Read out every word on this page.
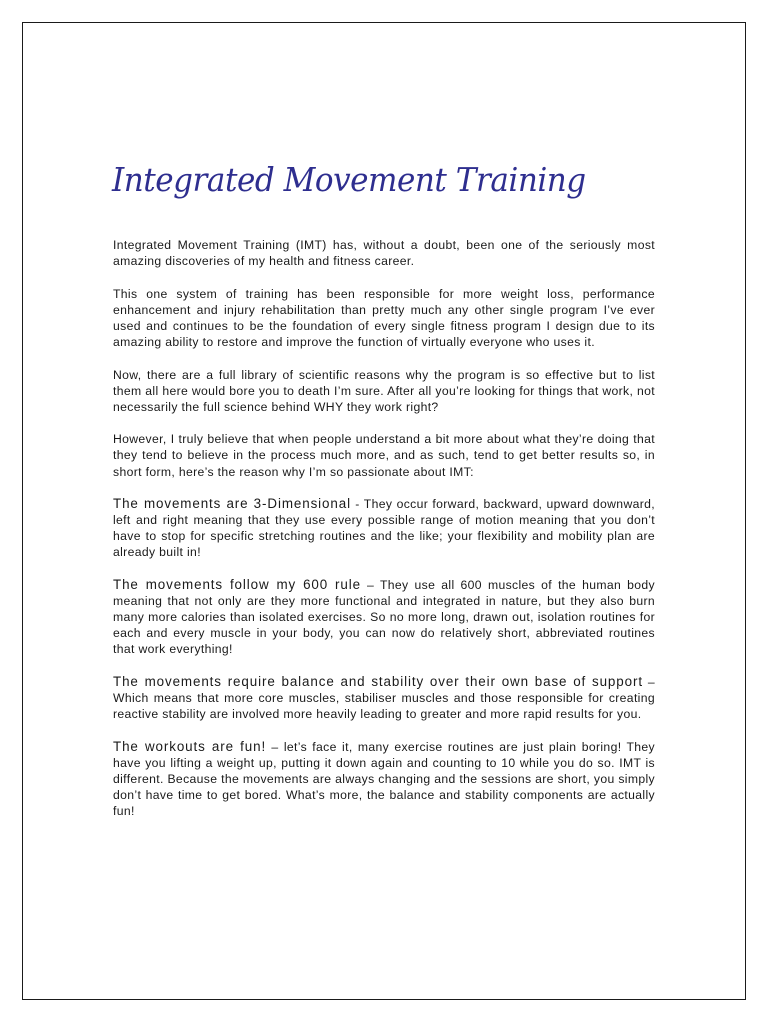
Integrated Movement Training

Integrated Movement Training (IMT) has, without a doubt, been one of the seriously most amazing discoveries of my health and fitness career.

This one system of training has been responsible for more weight loss, performance enhancement and injury rehabilitation than pretty much any other single program I’ve ever used and continues to be the foundation of every single fitness program I design due to its amazing ability to restore and improve the function of virtually everyone who uses it.

Now, there are a full library of scientific reasons why the program is so effective but to list them all here would bore you to death I’m sure. After all you’re looking for things that work, not necessarily the full science behind WHY they work right?

However, I truly believe that when people understand a bit more about what they’re doing that they tend to believe in the process much more, and as such, tend to get better results so, in short form, here’s the reason why I’m so passionate about IMT:

The movements are 3-Dimensional - They occur forward, backward, upward downward, left and right meaning that they use every possible range of motion meaning that you don’t have to stop for specific stretching routines and the like; your flexibility and mobility plan are already built in!

The movements follow my 600 rule – They use all 600 muscles of the human body meaning that not only are they more functional and integrated in nature, but they also burn many more calories than isolated exercises. So no more long, drawn out, isolation routines for each and every muscle in your body, you can now do relatively short, abbreviated routines that work everything!

The movements require balance and stability over their own base of support – Which means that more core muscles, stabiliser muscles and those responsible for creating reactive stability are involved more heavily leading to greater and more rapid results for you.

The workouts are fun! – let’s face it, many exercise routines are just plain boring! They have you lifting a weight up, putting it down again and counting to 10 while you do so. IMT is different. Because the movements are always changing and the sessions are short, you simply don’t have time to get bored. What’s more, the balance and stability components are actually fun!
